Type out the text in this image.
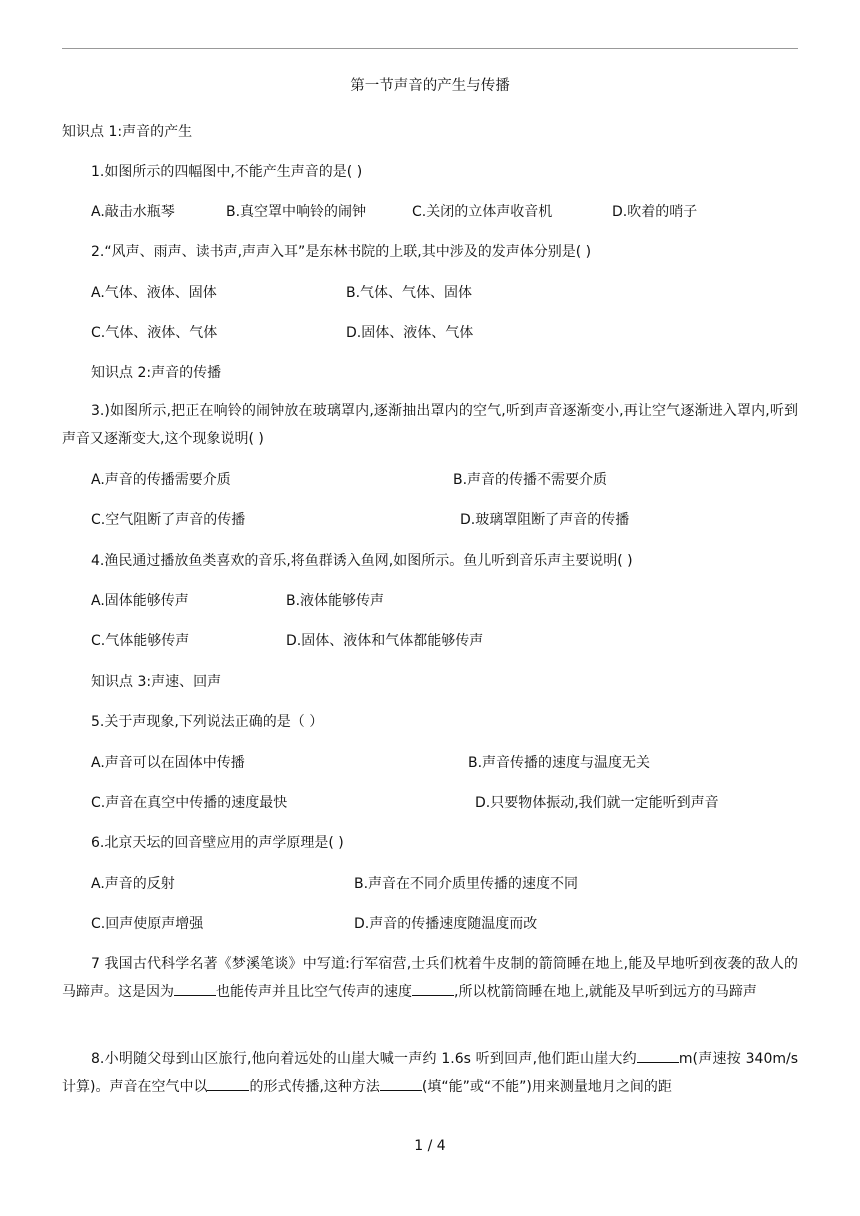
第一节声音的产生与传播
知识点 1:声音的产生
1.如图所示的四幅图中,不能产生声音的是( )
A.敲击水瓶琴	B.真空罩中响铃的闹钟	C.关闭的立体声收音机	D.吹着的哨子
2.“风声、雨声、读书声,声声入耳”是东林书院的上联,其中涉及的发声体分别是( )
A.气体、液体、固体	B.气体、气体、固体
C.气体、液体、气体	D.固体、液体、气体
知识点 2:声音的传播
3.)如图所示,把正在响铃的闹钟放在玻璃罩内,逐渐抽出罩内的空气,听到声音逐渐变小,再让空气逐渐进入罩内,听到声音又逐渐变大,这个现象说明( )
A.声音的传播需要介质	B.声音的传播不需要介质
C.空气阻断了声音的传播	D.玻璃罩阻断了声音的传播
4.渔民通过播放鱼类喜欢的音乐,将鱼群诱入鱼网,如图所示。鱼儿听到音乐声主要说明( )
A.固体能够传声	B.液体能够传声
C.气体能够传声	D.固体、液体和气体都能够传声
知识点 3:声速、回声
5.关于声现象,下列说法正确的是（ ）
A.声音可以在固体中传播	B.声音传播的速度与温度无关
C.声音在真空中传播的速度最快	D.只要物体振动,我们就一定能听到声音
6.北京天坛的回音壁应用的声学原理是( )
A.声音的反射	B.声音在不同介质里传播的速度不同
C.回声使原声增强	D.声音的传播速度随温度而改
7 我国古代科学名著《梦溪笔谈》中写道:行军宿营,士兵们枕着牛皮制的箭筒睡在地上,能及早地听到夜袭的敌人的马蹄声。这是因为	也能传声并且比空气传声的速度	,所以枕箭筒睡在地上,就能及早听到远方的马蹄声
8.小明随父母到山区旅行,他向着远处的山崖大喊一声约 1.6s 听到回声,他们距山崖大约	m(声速按 340m/s 计算)。声音在空气中以	的形式传播,这种方法	(填“能”或“不能”)用来测量地月之间的距
1 / 4
